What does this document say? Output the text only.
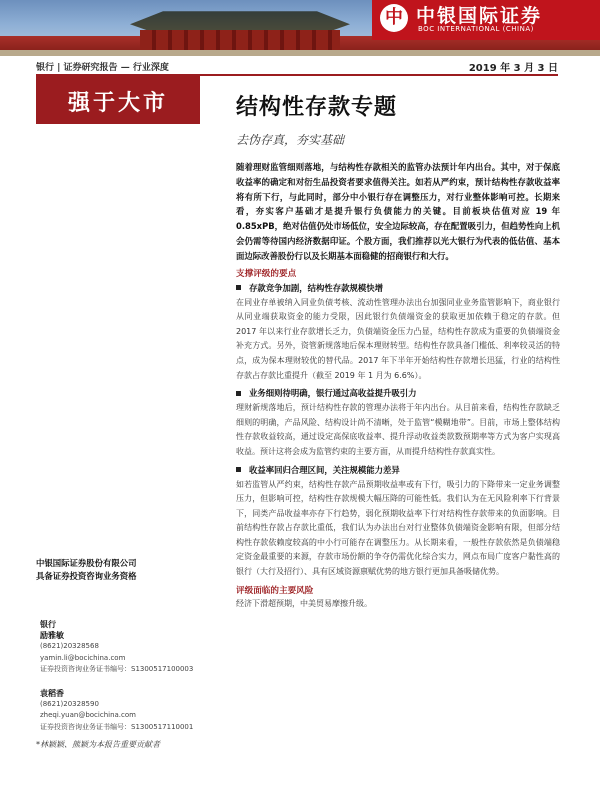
中 中银国际证券
BOC INTERNATIONAL (CHINA)
银行 | 证券研究报告 — 行业深度	2019 年 3 月 3 日
强于大市	结构性存款专题
去伪存真，夯实基础

随着理财监管细则落地，与结构性存款相关的监管办法预计年内出台。其中，对于保底收益率的确定和对衍生品投资者要求值得关注。如若从严约束，预计结构性存款收益率将有所下行，与此同时，部分中小银行存在调整压力，对行业整体影响可控。长期来看，夯实客户基础才是提升银行负债能力的关键。目前板块估值对应 19 年 0.85xPB，绝对估值仍处市场低位，安全边际较高，存在配置吸引力，但趋势性向上机会仍需等待国内经济数据印证。个股方面，我们推荐以光大银行为代表的低估值、基本面边际改善股份行以及长期基本面稳健的招商银行和大行。

支撑评级的要点
存款竞争加剧，结构性存款规模快增

在同业存单被纳入同业负债考核、流动性管理办法出台加强同业业务监管影响下，商业银行从同业端获取资金的能力受限，因此银行负债端资金的获取更加依赖于稳定的存款。但 2017 年以来行业存款增长乏力，负债端资金压力凸显，结构性存款成为重要的负债端资金补充方式。另外，资管新规落地后保本理财转型。结构性存款具备门槛低、利率较灵活的特点，成为保本理财较优的替代品。2017 年下半年开始结构性存款增长迅猛，行业的结构性存款占存款比重提升（截至 2019 年 1 月为 6.6%）。

业务细则待明确，银行通过高收益提升吸引力

理财新规落地后，预计结构性存款的管理办法将于年内出台。从目前来看，结构性存款缺乏细则的明确，产品风险、结构设计尚不清晰，处于监管“模糊地带”。目前，市场上整体结构性存款收益较高，通过设定高保底收益率、提升浮动收益类款数预期率等方式为客户实现高收益。预计这将会成为监管约束的主要方面，从而提升结构性存款真实性。

收益率回归合理区间，关注规模能力差异

如若监管从严约束，结构性存款产品预期收益率或有下行，吸引力的下降带来一定业务调整压力，但影响可控，结构性存款规模大幅压降的可能性低。我们认为在无风险利率下行背景下，同类产品收益率亦存下行趋势，弱化预期收益率下行对结构性存款带来的负面影响。目前结构性存款占存款比重低，我们认为办法出台对行业整体负债端资金影响有限，但部分结构性存款依赖度较高的中小行可能存在调整压力。从长期来看，一般性存款依然是负债端稳定资金最重要的来源，存款市场份额的争夺仍需优化综合实力，网点布局广度客户黏性高的银行（大行及招行）、具有区域资源禀赋优势的地方银行更加具备吸储优势。

评级面临的主要风险

经济下滑超预期，中美贸易摩擦升级。

中银国际证券股份有限公司
具备证券投资咨询业务资格
银行
励雅敏
(8621)20328568
yamin.li@bocichina.com
证券投资咨询业务证书编号：S1300517100003
袁稻香
(8621)20328590
zheqi.yuan@bocichina.com
证券投资咨询业务证书编号：S1300517110001
*林颖颖、熊颖为本报告重要贡献者
